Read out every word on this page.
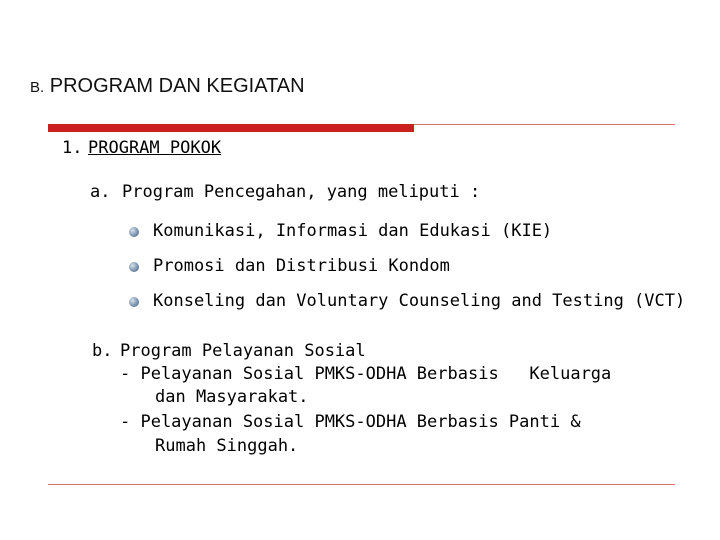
B. PROGRAM DAN KEGIATAN
1. PROGRAM POKOK
a. Program Pencegahan, yang meliputi :
Komunikasi, Informasi dan Edukasi (KIE)
Promosi dan Distribusi Kondom
Konseling dan Voluntary Counseling and Testing (VCT)
b. Program Pelayanan Sosial
- Pelayanan Sosial PMKS-ODHA Berbasis   Keluarga
dan Masyarakat.
- Pelayanan Sosial PMKS-ODHA Berbasis Panti &
Rumah Singgah.
